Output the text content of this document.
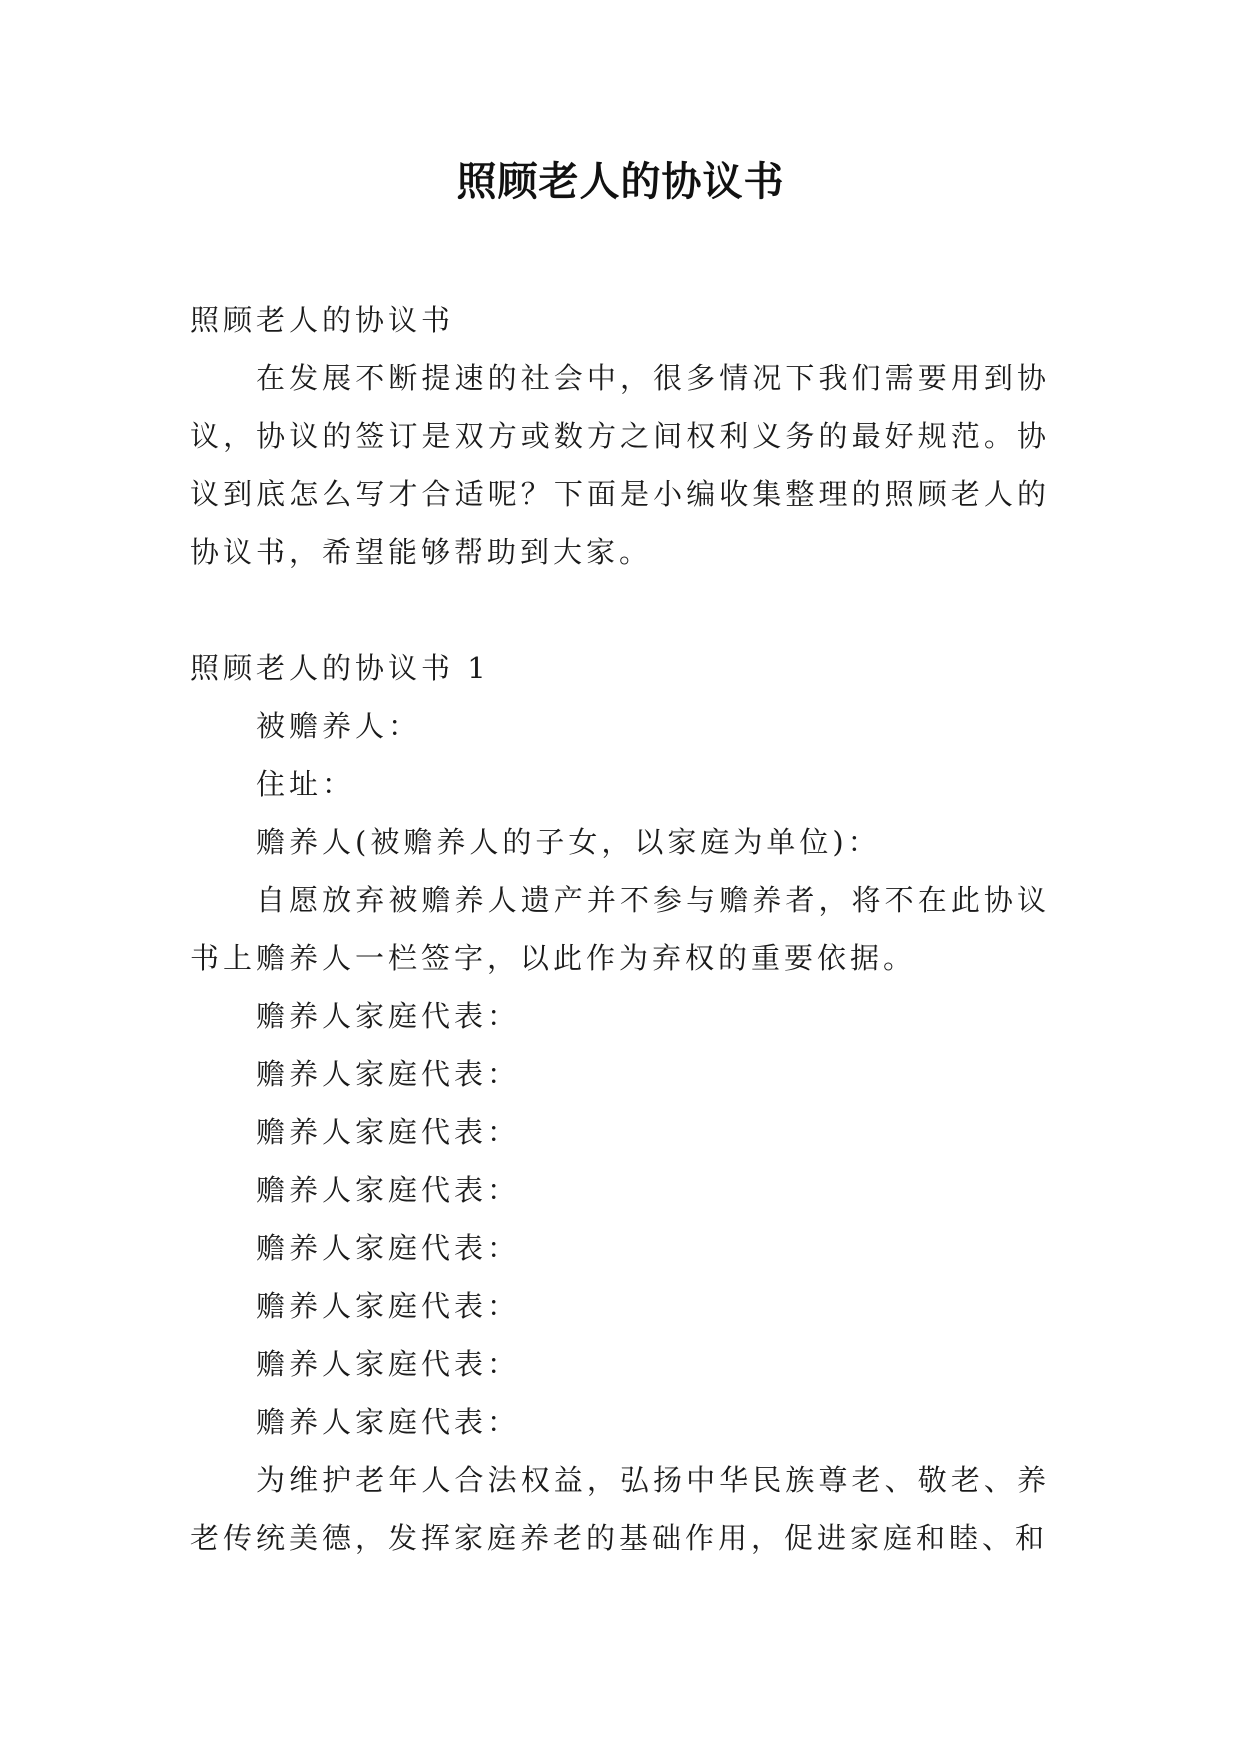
照顾老人的协议书

照顾老人的协议书

在发展不断提速的社会中，很多情况下我们需要用到协议，协议的签订是双方或数方之间权利义务的最好规范。协议到底怎么写才合适呢？下面是小编收集整理的照顾老人的协议书，希望能够帮助到大家。

照顾老人的协议书 1

被赡养人：

住址：

赡养人(被赡养人的子女，以家庭为单位)：

自愿放弃被赡养人遗产并不参与赡养者，将不在此协议书上赡养人一栏签字，以此作为弃权的重要依据。

赡养人家庭代表：

赡养人家庭代表：

赡养人家庭代表：

赡养人家庭代表：

赡养人家庭代表：

赡养人家庭代表：

赡养人家庭代表：

赡养人家庭代表：

为维护老年人合法权益，弘扬中华民族尊老、敬老、养老传统美德，发挥家庭养老的基础作用，促进家庭和睦、和
